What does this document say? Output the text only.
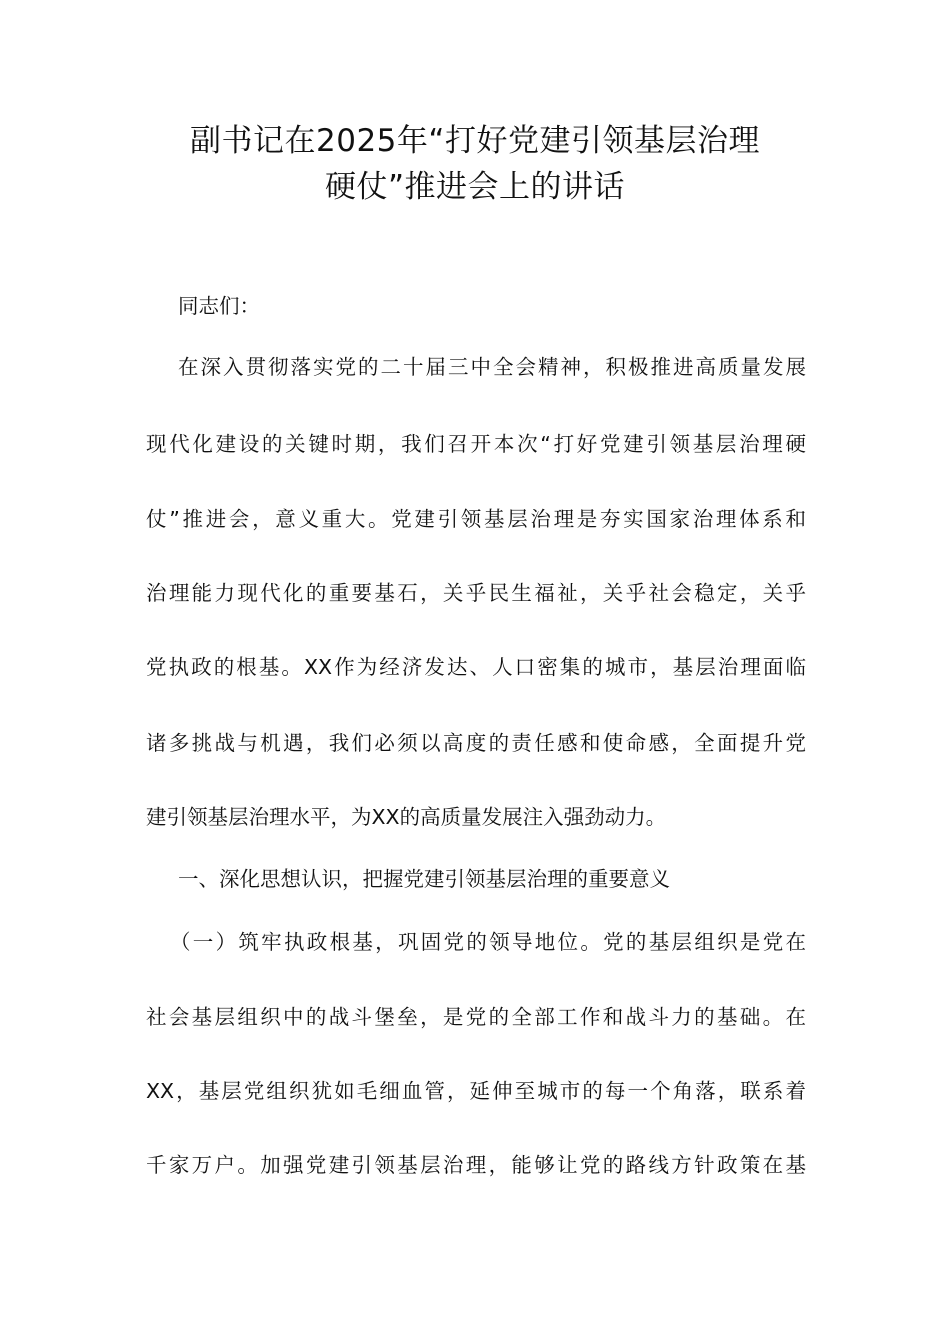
副书记在2025年“打好党建引领基层治理
硬仗”推进会上的讲话
同志们：
在深入贯彻落实党的二十届三中全会精神，积极推进高质量发展
现代化建设的关键时期，我们召开本次“打好党建引领基层治理硬
仗”推进会，意义重大。党建引领基层治理是夯实国家治理体系和
治理能力现代化的重要基石，关乎民生福祉，关乎社会稳定，关乎
党执政的根基。XX作为经济发达、人口密集的城市，基层治理面临
诸多挑战与机遇，我们必须以高度的责任感和使命感，全面提升党
建引领基层治理水平，为XX的高质量发展注入强劲动力。
一、深化思想认识，把握党建引领基层治理的重要意义
（一）筑牢执政根基，巩固党的领导地位。党的基层组织是党在
社会基层组织中的战斗堡垒，是党的全部工作和战斗力的基础。在
XX，基层党组织犹如毛细血管，延伸至城市的每一个角落，联系着
千家万户。加强党建引领基层治理，能够让党的路线方针政策在基
